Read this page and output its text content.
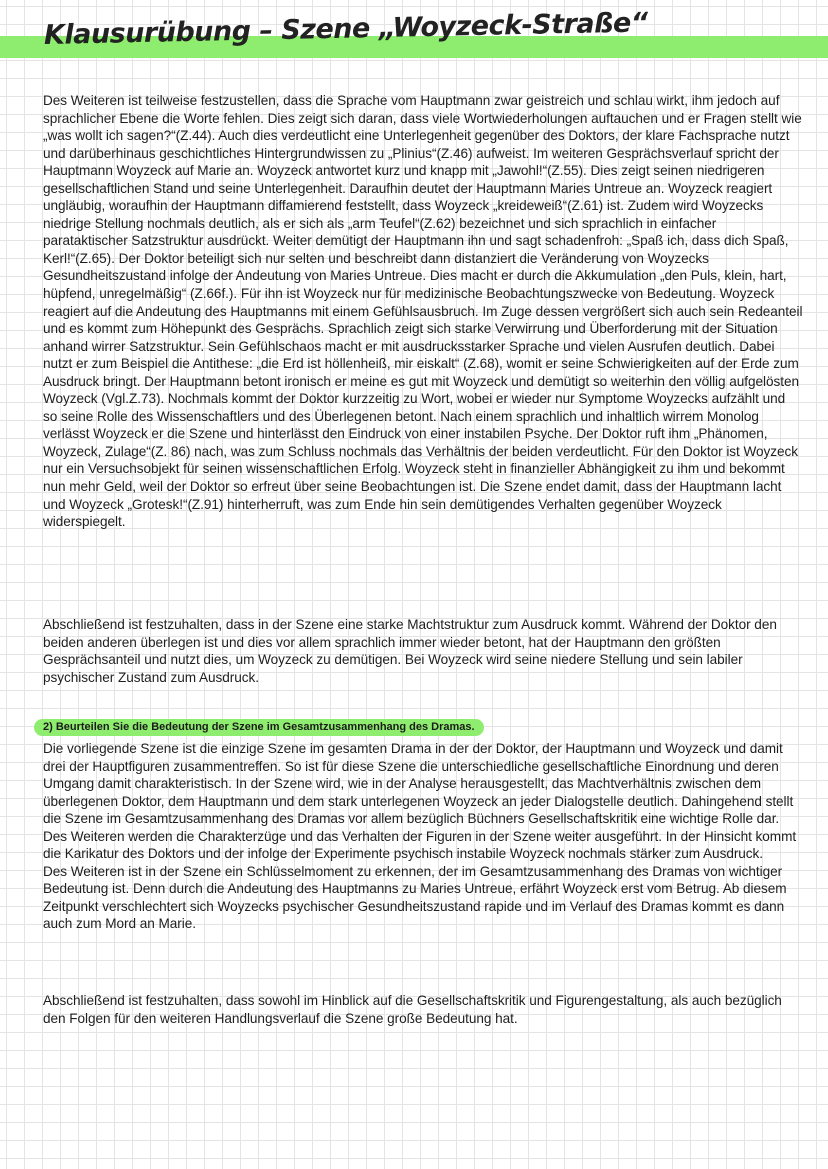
Klausurübung – Szene „Woyzeck-Straße“

Des Weiteren ist teilweise festzustellen, dass die Sprache vom Hauptmann zwar geistreich und schlau wirkt, ihm jedoch auf sprachlicher Ebene die Worte fehlen. Dies zeigt sich daran, dass viele Wortwiederholungen auftauchen und er Fragen stellt wie „was wollt ich sagen?“(Z.44). Auch dies verdeutlicht eine Unterlegenheit gegenüber des Doktors, der klare Fachsprache nutzt und darüberhinaus geschichtliches Hintergrundwissen zu „Plinius“(Z.46) aufweist. Im weiteren Gesprächsverlauf spricht der Hauptmann Woyzeck auf Marie an. Woyzeck antwortet kurz und knapp mit „Jawohl!“(Z.55). Dies zeigt seinen niedrigeren gesellschaftlichen Stand und seine Unterlegenheit. Daraufhin deutet der Hauptmann Maries Untreue an. Woyzeck reagiert ungläubig, woraufhin der Hauptmann diffamierend feststellt, dass Woyzeck „kreideweiß“(Z.61) ist. Zudem wird Woyzecks niedrige Stellung nochmals deutlich, als er sich als „arm Teufel“(Z.62) bezeichnet und sich sprachlich in einfacher parataktischer Satzstruktur ausdrückt. Weiter demütigt der Hauptmann ihn und sagt schadenfroh: „Spaß ich, dass dich Spaß, Kerl!“(Z.65). Der Doktor beteiligt sich nur selten und beschreibt dann distanziert die Veränderung von Woyzecks Gesundheitszustand infolge der Andeutung von Maries Untreue. Dies macht er durch die Akkumulation „den Puls, klein, hart, hüpfend, unregelmäßig“ (Z.66f.). Für ihn ist Woyzeck nur für medizinische Beobachtungszwecke von Bedeutung. Woyzeck reagiert auf die Andeutung des Hauptmanns mit einem Gefühlsausbruch. Im Zuge dessen vergrößert sich auch sein Redeanteil und es kommt zum Höhepunkt des Gesprächs. Sprachlich zeigt sich starke Verwirrung und Überforderung mit der Situation anhand wirrer Satzstruktur. Sein Gefühlschaos macht er mit ausdrucksstarker Sprache und vielen Ausrufen deutlich. Dabei nutzt er zum Beispiel die Antithese: „die Erd ist höllenheiß, mir eiskalt“ (Z.68), womit er seine Schwierigkeiten auf der Erde zum Ausdruck bringt. Der Hauptmann betont ironisch er meine es gut mit Woyzeck und demütigt so weiterhin den völlig aufgelösten Woyzeck (Vgl.Z.73). Nochmals kommt der Doktor kurzzeitig zu Wort, wobei er wieder nur Symptome Woyzecks aufzählt und so seine Rolle des Wissenschaftlers und des Überlegenen betont. Nach einem sprachlich und inhaltlich wirrem Monolog verlässt Woyzeck er die Szene und hinterlässt den Eindruck von einer instabilen Psyche. Der Doktor ruft ihm „Phänomen, Woyzeck, Zulage“(Z. 86) nach, was zum Schluss nochmals das Verhältnis der beiden verdeutlicht. Für den Doktor ist Woyzeck nur ein Versuchsobjekt für seinen wissenschaftlichen Erfolg. Woyzeck steht in finanzieller Abhängigkeit zu ihm und bekommt nun mehr Geld, weil der Doktor so erfreut über seine Beobachtungen ist. Die Szene endet damit, dass der Hauptmann lacht und Woyzeck „Grotesk!“(Z.91) hinterherruft, was zum Ende hin sein demütigendes Verhalten gegenüber Woyzeck widerspiegelt.

Abschließend ist festzuhalten, dass in der Szene eine starke Machtstruktur zum Ausdruck kommt. Während der Doktor den beiden anderen überlegen ist und dies vor allem sprachlich immer wieder betont, hat der Hauptmann den größten Gesprächsanteil und nutzt dies, um Woyzeck zu demütigen. Bei Woyzeck wird seine niedere Stellung und sein labiler psychischer Zustand zum Ausdruck.

2) Beurteilen Sie die Bedeutung der Szene im Gesamtzusammenhang des Dramas.

Die vorliegende Szene ist die einzige Szene im gesamten Drama in der der Doktor, der Hauptmann und Woyzeck und damit drei der Hauptfiguren zusammentreffen. So ist für diese Szene die unterschiedliche gesellschaftliche Einordnung und deren Umgang damit charakteristisch. In der Szene wird, wie in der Analyse herausgestellt, das Machtverhältnis zwischen dem überlegenen Doktor, dem Hauptmann und dem stark unterlegenen Woyzeck an jeder Dialogstelle deutlich. Dahingehend stellt die Szene im Gesamtzusammenhang des Dramas vor allem bezüglich Büchners Gesellschaftskritik eine wichtige Rolle dar.

Des Weiteren werden die Charakterzüge und das Verhalten der Figuren in der Szene weiter ausgeführt. In der Hinsicht kommt die Karikatur des Doktors und der infolge der Experimente psychisch instabile Woyzeck nochmals stärker zum Ausdruck.

Des Weiteren ist in der Szene ein Schlüsselmoment zu erkennen, der im Gesamtzusammenhang des Dramas von wichtiger Bedeutung ist. Denn durch die Andeutung des Hauptmanns zu Maries Untreue, erfährt Woyzeck erst vom Betrug. Ab diesem Zeitpunkt verschlechtert sich Woyzecks psychischer Gesundheitszustand rapide und im Verlauf des Dramas kommt es dann auch zum Mord an Marie.

Abschließend ist festzuhalten, dass sowohl im Hinblick auf die Gesellschaftskritik und Figurengestaltung, als auch bezüglich den Folgen für den weiteren Handlungsverlauf die Szene große Bedeutung hat.
